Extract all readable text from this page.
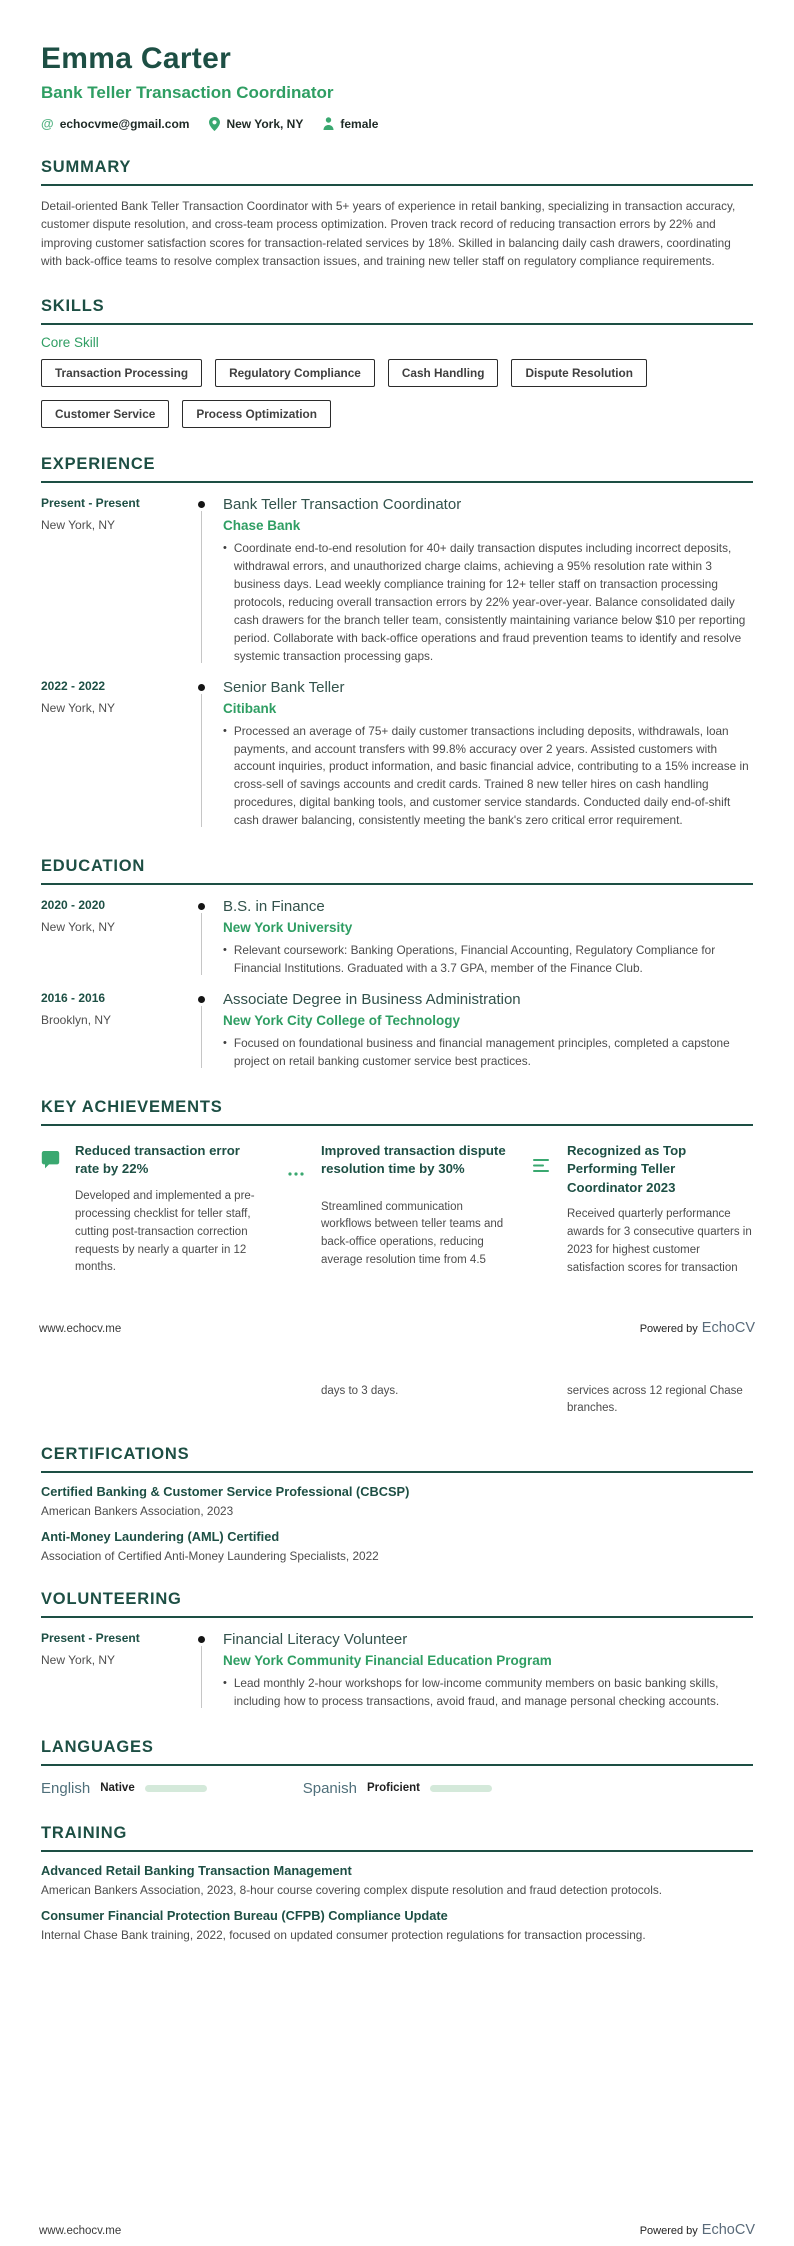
Emma Carter
Bank Teller Transaction Coordinator
@ echocvme@gmail.com	New York, NY	female
SUMMARY
Detail-oriented Bank Teller Transaction Coordinator with 5+ years of experience in retail banking, specializing in transaction accuracy, customer dispute resolution, and cross-team process optimization. Proven track record of reducing transaction errors by 22% and improving customer satisfaction scores for transaction-related services by 18%. Skilled in balancing daily cash drawers, coordinating with back-office teams to resolve complex transaction issues, and training new teller staff on regulatory compliance requirements.
SKILLS
Core Skill
Transaction Processing	Regulatory Compliance	Cash Handling	Dispute Resolution
Customer Service	Process Optimization
EXPERIENCE
Present - Present
New York, NY
Bank Teller Transaction Coordinator
Chase Bank
• Coordinate end-to-end resolution for 40+ daily transaction disputes including incorrect deposits, withdrawal errors, and unauthorized charge claims, achieving a 95% resolution rate within 3 business days. Lead weekly compliance training for 12+ teller staff on transaction processing protocols, reducing overall transaction errors by 22% year-over-year. Balance consolidated daily cash drawers for the branch teller team, consistently maintaining variance below $10 per reporting period. Collaborate with back-office operations and fraud prevention teams to identify and resolve systemic transaction processing gaps.
2022 - 2022
New York, NY
Senior Bank Teller
Citibank
• Processed an average of 75+ daily customer transactions including deposits, withdrawals, loan payments, and account transfers with 99.8% accuracy over 2 years. Assisted customers with account inquiries, product information, and basic financial advice, contributing to a 15% increase in cross-sell of savings accounts and credit cards. Trained 8 new teller hires on cash handling procedures, digital banking tools, and customer service standards. Conducted daily end-of-shift cash drawer balancing, consistently meeting the bank's zero critical error requirement.
EDUCATION
2020 - 2020
New York, NY
B.S. in Finance
New York University
• Relevant coursework: Banking Operations, Financial Accounting, Regulatory Compliance for Financial Institutions. Graduated with a 3.7 GPA, member of the Finance Club.
2016 - 2016
Brooklyn, NY
Associate Degree in Business Administration
New York City College of Technology
• Focused on foundational business and financial management principles, completed a capstone project on retail banking customer service best practices.
KEY ACHIEVEMENTS
Reduced transaction error rate by 22%
Developed and implemented a pre-processing checklist for teller staff, cutting post-transaction correction requests by nearly a quarter in 12 months.
Improved transaction dispute resolution time by 30%
Streamlined communication workflows between teller teams and back-office operations, reducing average resolution time from 4.5
Recognized as Top Performing Teller Coordinator 2023
Received quarterly performance awards for 3 consecutive quarters in 2023 for highest customer satisfaction scores for transaction
www.echocv.me	Powered by EchoCV
days to 3 days.	services across 12 regional Chase branches.
CERTIFICATIONS
Certified Banking & Customer Service Professional (CBCSP)
American Bankers Association, 2023
Anti-Money Laundering (AML) Certified
Association of Certified Anti-Money Laundering Specialists, 2022
VOLUNTEERING
Present - Present
New York, NY
Financial Literacy Volunteer
New York Community Financial Education Program
• Lead monthly 2-hour workshops for low-income community members on basic banking skills, including how to process transactions, avoid fraud, and manage personal checking accounts.
LANGUAGES
English Native	Spanish Proficient
TRAINING
Advanced Retail Banking Transaction Management
American Bankers Association, 2023, 8-hour course covering complex dispute resolution and fraud detection protocols.
Consumer Financial Protection Bureau (CFPB) Compliance Update
Internal Chase Bank training, 2022, focused on updated consumer protection regulations for transaction processing.
www.echocv.me	Powered by EchoCV
